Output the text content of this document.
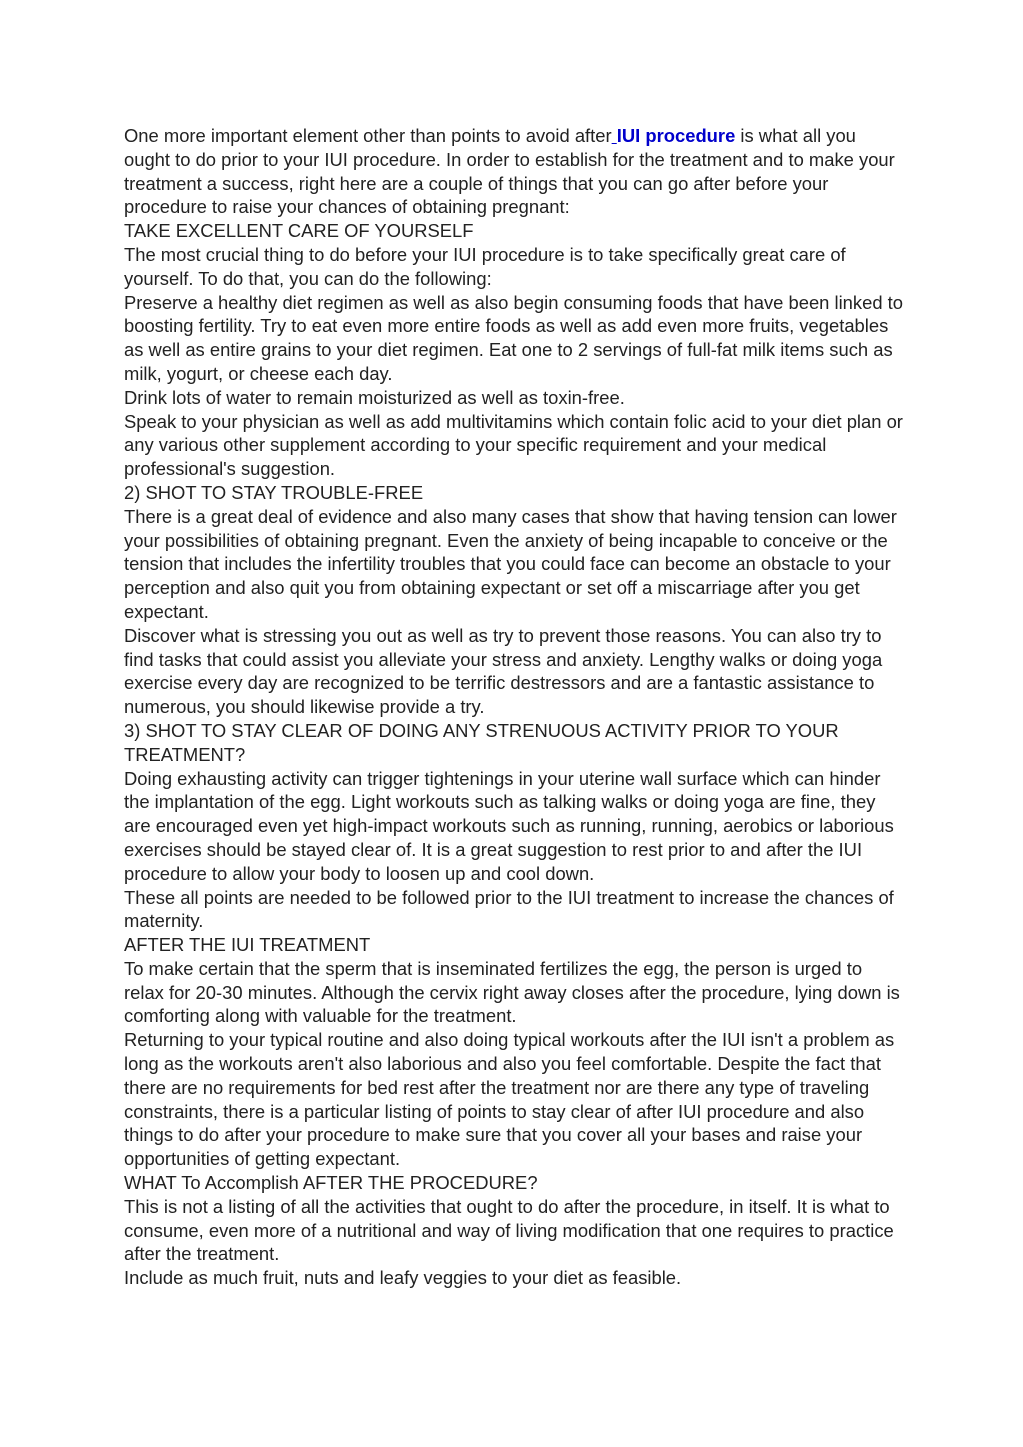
One more important element other than points to avoid after IUI procedure is what all you ought to do prior to your IUI procedure. In order to establish for the treatment and to make your treatment a success, right here are a couple of things that you can go after before your procedure to raise your chances of obtaining pregnant:

TAKE EXCELLENT CARE OF YOURSELF

The most crucial thing to do before your IUI procedure is to take specifically great care of yourself. To do that, you can do the following:

Preserve a healthy diet regimen as well as also begin consuming foods that have been linked to boosting fertility. Try to eat even more entire foods as well as add even more fruits, vegetables as well as entire grains to your diet regimen. Eat one to 2 servings of full-fat milk items such as milk, yogurt, or cheese each day.

Drink lots of water to remain moisturized as well as toxin-free.

Speak to your physician as well as add multivitamins which contain folic acid to your diet plan or any various other supplement according to your specific requirement and your medical professional's suggestion.

2) SHOT TO STAY TROUBLE-FREE

There is a great deal of evidence and also many cases that show that having tension can lower your possibilities of obtaining pregnant. Even the anxiety of being incapable to conceive or the tension that includes the infertility troubles that you could face can become an obstacle to your perception and also quit you from obtaining expectant or set off a miscarriage after you get expectant.

Discover what is stressing you out as well as try to prevent those reasons. You can also try to find tasks that could assist you alleviate your stress and anxiety. Lengthy walks or doing yoga exercise every day are recognized to be terrific destressors and are a fantastic assistance to numerous, you should likewise provide a try.

3) SHOT TO STAY CLEAR OF DOING ANY STRENUOUS ACTIVITY PRIOR TO YOUR TREATMENT?

Doing exhausting activity can trigger tightenings in your uterine wall surface which can hinder the implantation of the egg. Light workouts such as talking walks or doing yoga are fine, they are encouraged even yet high-impact workouts such as running, running, aerobics or laborious exercises should be stayed clear of. It is a great suggestion to rest prior to and after the IUI procedure to allow your body to loosen up and cool down.

These all points are needed to be followed prior to the IUI treatment to increase the chances of maternity.

AFTER THE IUI TREATMENT

To make certain that the sperm that is inseminated fertilizes the egg, the person is urged to relax for 20-30 minutes. Although the cervix right away closes after the procedure, lying down is comforting along with valuable for the treatment.

Returning to your typical routine and also doing typical workouts after the IUI isn't a problem as long as the workouts aren't also laborious and also you feel comfortable. Despite the fact that there are no requirements for bed rest after the treatment nor are there any type of traveling constraints, there is a particular listing of points to stay clear of after IUI procedure and also things to do after your procedure to make sure that you cover all your bases and raise your opportunities of getting expectant.

WHAT To Accomplish AFTER THE PROCEDURE?

This is not a listing of all the activities that ought to do after the procedure, in itself. It is what to consume, even more of a nutritional and way of living modification that one requires to practice after the treatment.

Include as much fruit, nuts and leafy veggies to your diet as feasible.
